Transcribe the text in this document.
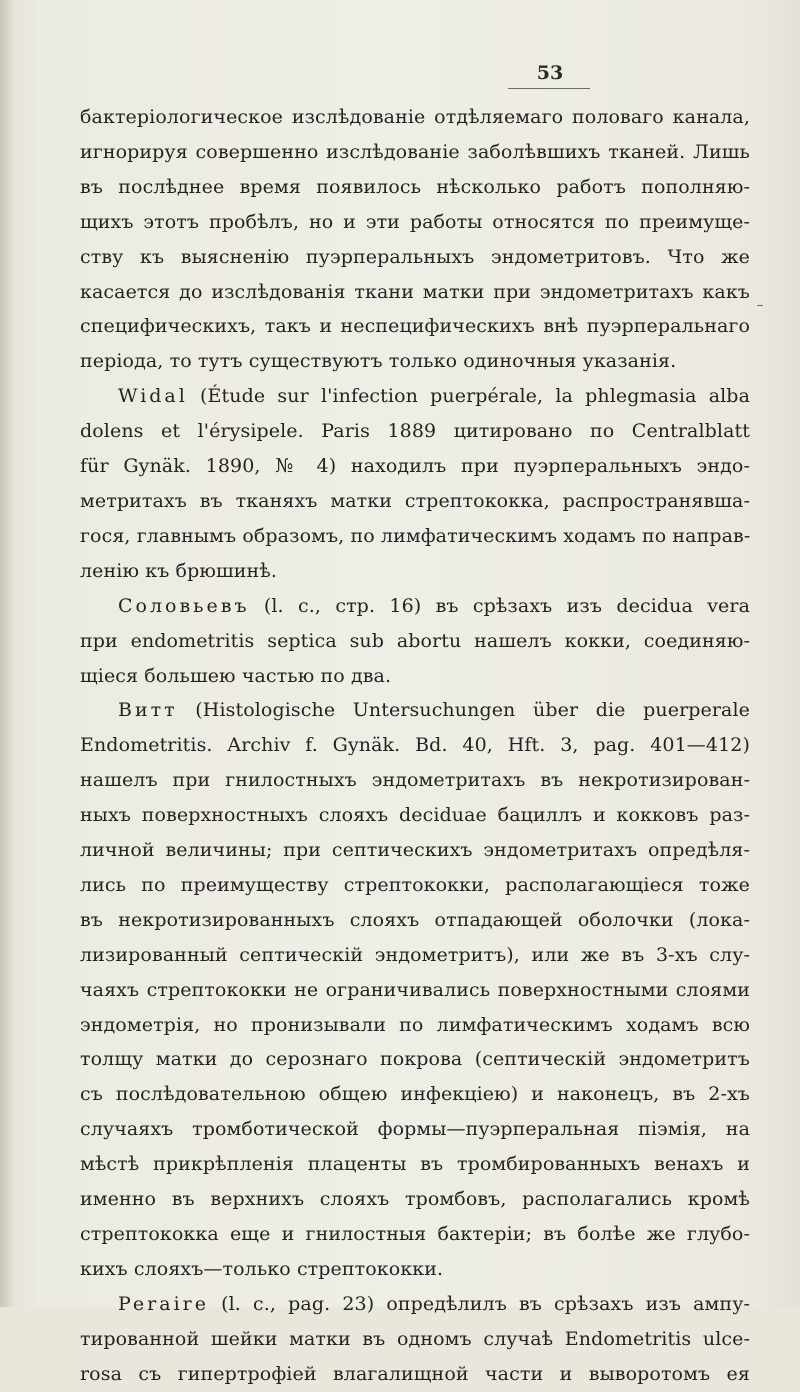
53
бактеріологическое изслѣдованіе отдѣляемаго половаго канала,
игнорируя совершенно изслѣдованіе заболѣвшихъ тканей. Лишь
въ послѣднее время появилось нѣсколько работъ пополняю-
щихъ этотъ пробѣлъ, но и эти работы относятся по преимуще-
ству къ выясненію пуэрперальныхъ эндометритовъ. Что же
касается до изслѣдованія ткани матки при эндометритахъ какъ
специфическихъ, такъ и неспецифическихъ внѣ пуэрперальнаго
періода, то тутъ существуютъ только одиночныя указанія.
Widal (Étude sur l'infection puerpérale, la phlegmasia alba
dolens et l'érysipele. Paris 1889 цитировано по Centralblatt
für Gynäk. 1890, № 4) находилъ при пуэрперальныхъ эндо-
метритахъ въ тканяхъ матки стрептококка, распространявша-
гося, главнымъ образомъ, по лимфатическимъ ходамъ по направ-
ленію къ брюшинѣ.
Соловьевъ (l. c., стр. 16) въ срѣзахъ изъ decidua vera
при endometritis septica sub abortu нашелъ кокки, соединяю-
щіеся большею частью по два.
Витт (Histologische Untersuchungen über die puerperale
Endometritis. Archiv f. Gynäk. Bd. 40, Hft. 3, pag. 401—412)
нашелъ при гнилостныхъ эндометритахъ въ некротизирован-
ныхъ поверхностныхъ слояхъ deciduae бациллъ и кокковъ раз-
личной величины; при септическихъ эндометритахъ опредѣля-
лись по преимуществу стрептококки, располагающіеся тоже
въ некротизированныхъ слояхъ отпадающей оболочки (лока-
лизированный септическій эндометритъ), или же въ 3-хъ слу-
чаяхъ стрептококки не ограничивались поверхностными слоями
эндометрія, но пронизывали по лимфатическимъ ходамъ всю
толщу матки до сeрознаго покрова (септическій эндометритъ
съ послѣдовательною общею инфекціею) и наконецъ, въ 2-хъ
случаяхъ тромботической формы—пуэрперальная піэмія, на
мѣстѣ прикрѣпленія плаценты въ тромбированныхъ венахъ и
именно въ верхнихъ слояхъ тромбовъ, располагались кромѣ
стрептококка еще и гнилостныя бактеріи; въ болѣе же глубо-
кихъ слояхъ—только стрептококки.
Peraire (l. c., pag. 23) опредѣлилъ въ срѣзахъ изъ ампу-
тированной шейки матки въ одномъ случаѣ Endometritis ulce-
rosa съ гипертрофіей влагалищной части и выворотомъ ея
